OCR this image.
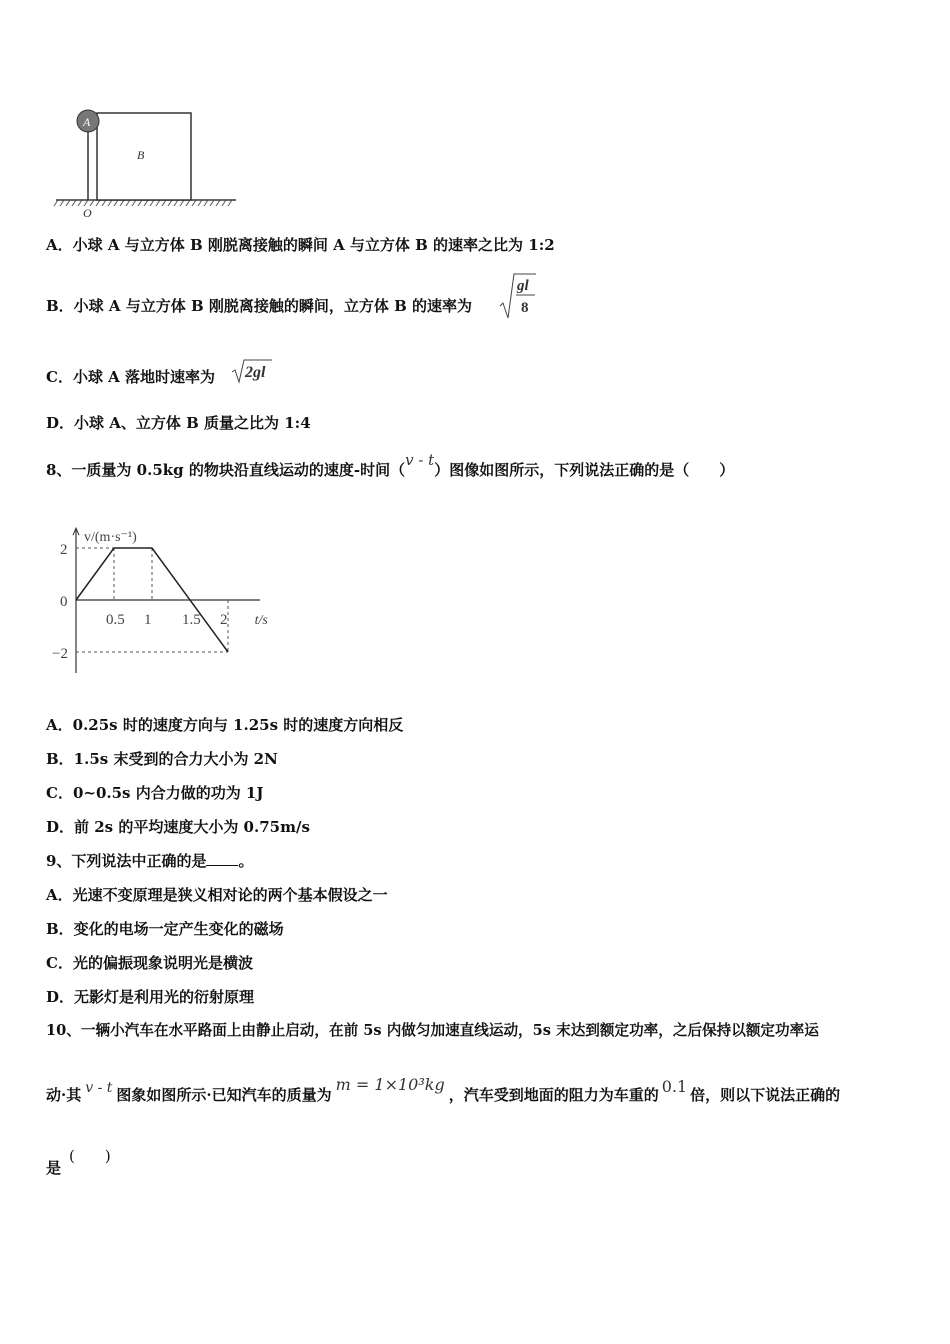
A
B
O
A．小球 A 与立方体 B 刚脱离接触的瞬间 A 与立方体 B 的速率之比为 1:2
B．小球 A 与立方体 B 刚脱离接触的瞬间，立方体 B 的速率为
gl
8
C．小球 A 落地时速率为 2gl
D．小球 A、立方体 B 质量之比为 1:4
8、一质量为 0.5kg 的物块沿直线运动的速度-时间（v - t）图像如图所示，下列说法正确的是（　　）
v/(m·s⁻¹)
t/s
0.5 1 1.5 2
2
0
−2
A．0.25s 时的速度方向与 1.25s 时的速度方向相反
B．1.5s 末受到的合力大小为 2N
C．0~0.5s 内合力做的功为 1J
D．前 2s 的平均速度大小为 0.75m/s
9、下列说法中正确的是 。
A．光速不变原理是狭义相对论的两个基本假设之一
B．变化的电场一定产生变化的磁场
C．光的偏振现象说明光是横波
D．无影灯是利用光的衍射原理
10、一辆小汽车在水平路面上由静止启动，在前 5s 内做匀加速直线运动，5s 末达到额定功率，之后保持以额定功率运
动·其 v - t 图象如图所示·已知汽车的质量为m = 1×10³kg，汽车受到地面的阻力为车重的 0.1 倍，则以下说法正确的
是(　　)
